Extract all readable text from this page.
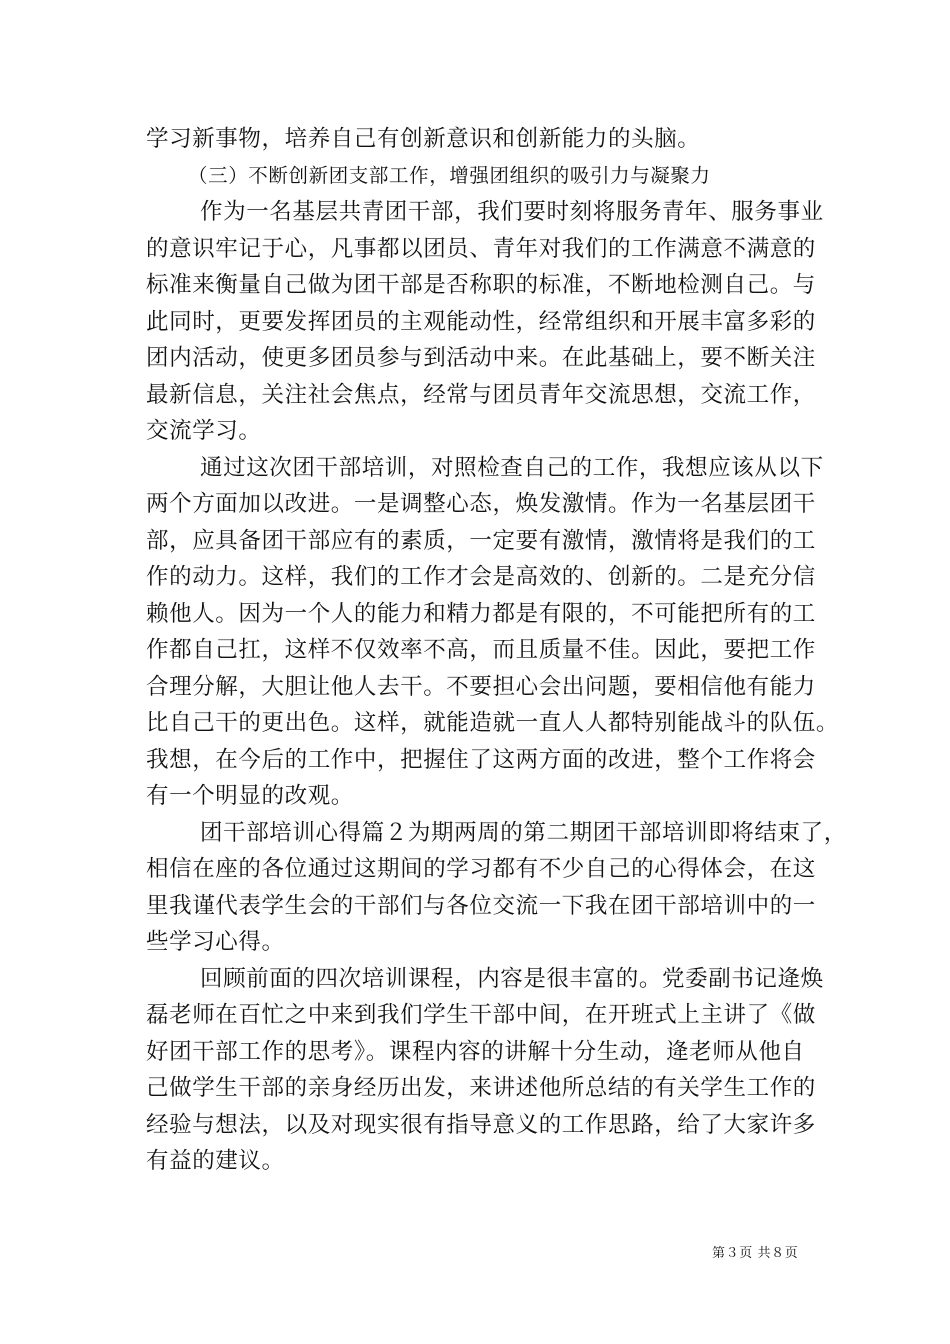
学习新事物，培养自己有创新意识和创新能力的头脑。
（三）不断创新团支部工作，增强团组织的吸引力与凝聚力
作为一名基层共青团干部，我们要时刻将服务青年、服务事业
的意识牢记于心，凡事都以团员、青年对我们的工作满意不满意的
标准来衡量自己做为团干部是否称职的标准，不断地检测自己。与
此同时，更要发挥团员的主观能动性，经常组织和开展丰富多彩的
团内活动，使更多团员参与到活动中来。在此基础上，要不断关注
最新信息，关注社会焦点，经常与团员青年交流思想，交流工作，
交流学习。
通过这次团干部培训，对照检查自己的工作，我想应该从以下
两个方面加以改进。一是调整心态，焕发激情。作为一名基层团干
部，应具备团干部应有的素质，一定要有激情，激情将是我们的工
作的动力。这样，我们的工作才会是高效的、创新的。二是充分信
赖他人。因为一个人的能力和精力都是有限的，不可能把所有的工
作都自己扛，这样不仅效率不高，而且质量不佳。因此，要把工作
合理分解，大胆让他人去干。不要担心会出问题，要相信他有能力
比自己干的更出色。这样，就能造就一直人人都特别能战斗的队伍。
我想，在今后的工作中，把握住了这两方面的改进，整个工作将会
有一个明显的改观。
团干部培训心得篇２为期两周的第二期团干部培训即将结束了，
相信在座的各位通过这期间的学习都有不少自己的心得体会，在这
里我谨代表学生会的干部们与各位交流一下我在团干部培训中的一
些学习心得。
回顾前面的四次培训课程，内容是很丰富的。党委副书记逄焕
磊老师在百忙之中来到我们学生干部中间，在开班式上主讲了《做
好团干部工作的思考》。课程内容的讲解十分生动，逄老师从他自
己做学生干部的亲身经历出发，来讲述他所总结的有关学生工作的
经验与想法，以及对现实很有指导意义的工作思路，给了大家许多
有益的建议。
第３页 共８页
